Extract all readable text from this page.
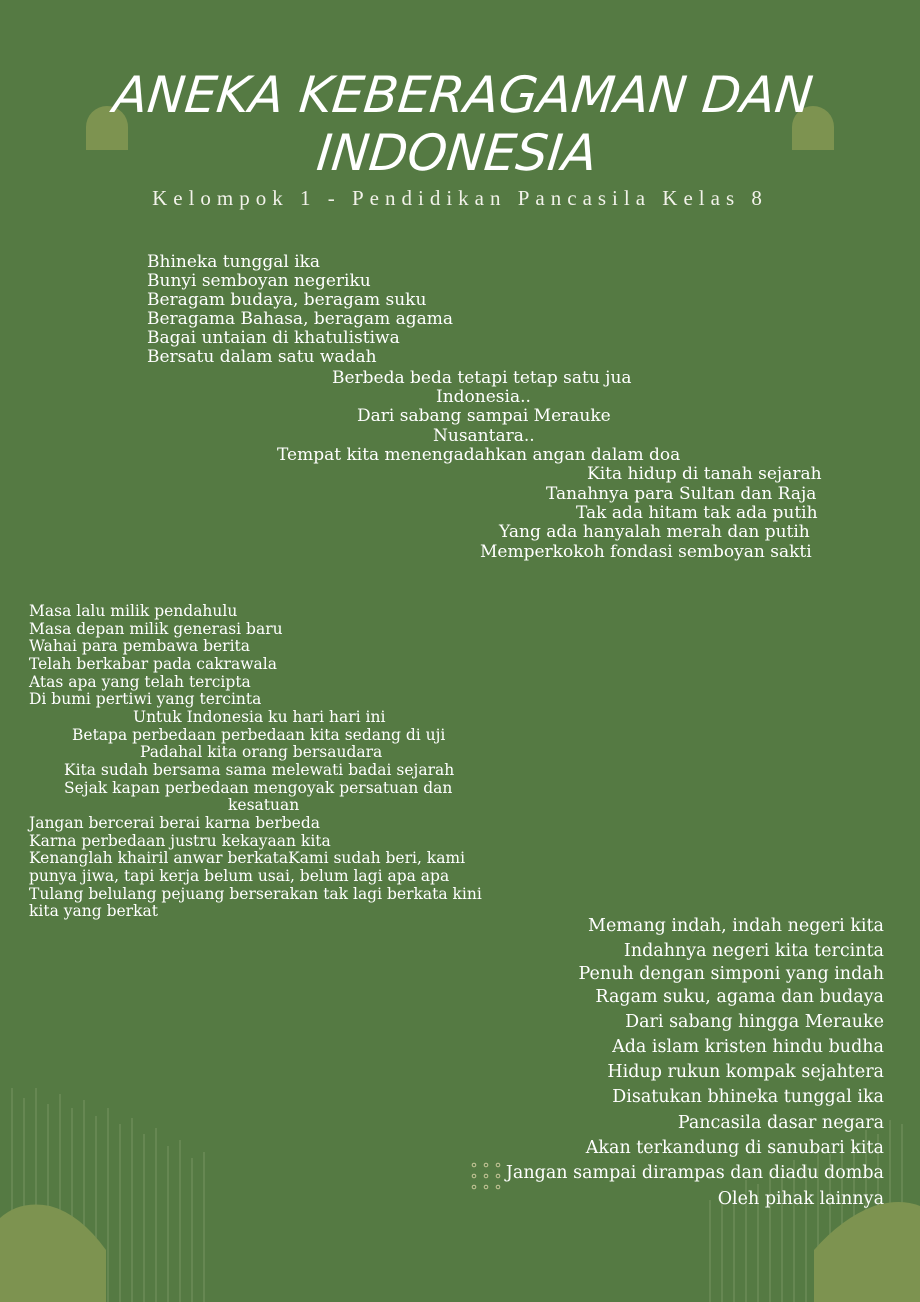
ANEKA KEBERAGAMAN DAN
INDONESIA
Kelompok 1 - Pendidikan Pancasila Kelas 8
Bhineka tunggal ika
Bunyi semboyan negeriku
Beragam budaya, beragam suku
Beragama Bahasa, beragam agama
Bagai untaian di khatulistiwa
Bersatu dalam satu wadah
Berbeda beda tetapi tetap satu jua
Indonesia..
Dari sabang sampai Merauke
Nusantara..
Tempat kita menengadahkan angan dalam doa
Kita hidup di tanah sejarah
Tanahnya para Sultan dan Raja
Tak ada hitam tak ada putih
Yang ada hanyalah merah dan putih
Memperkokoh fondasi semboyan sakti
Masa lalu milik pendahulu
Masa depan milik generasi baru
Wahai para pembawa berita
Telah berkabar pada cakrawala
Atas apa yang telah tercipta
Di bumi pertiwi yang tercinta
Untuk Indonesia ku hari hari ini
Betapa perbedaan perbedaan kita sedang di uji
Padahal kita orang bersaudara
Kita sudah bersama sama melewati badai sejarah
Sejak kapan perbedaan mengoyak persatuan dan
kesatuan
Jangan bercerai berai karna berbeda
Karna perbedaan justru kekayaan kita
Kenanglah khairil anwar berkataKami sudah beri, kami
punya jiwa, tapi kerja belum usai, belum lagi apa apa
Tulang belulang pejuang berserakan tak lagi berkata kini
kita yang berkat
Memang indah, indah negeri kita
Indahnya negeri kita tercinta
Penuh dengan simponi yang indah
Ragam suku, agama dan budaya
Dari sabang hingga Merauke
Ada islam kristen hindu budha
Hidup rukun kompak sejahtera
Disatukan bhineka tunggal ika
Pancasila dasar negara
Akan terkandung di sanubari kita
Jangan sampai dirampas dan diadu domba
Oleh pihak lainnya
